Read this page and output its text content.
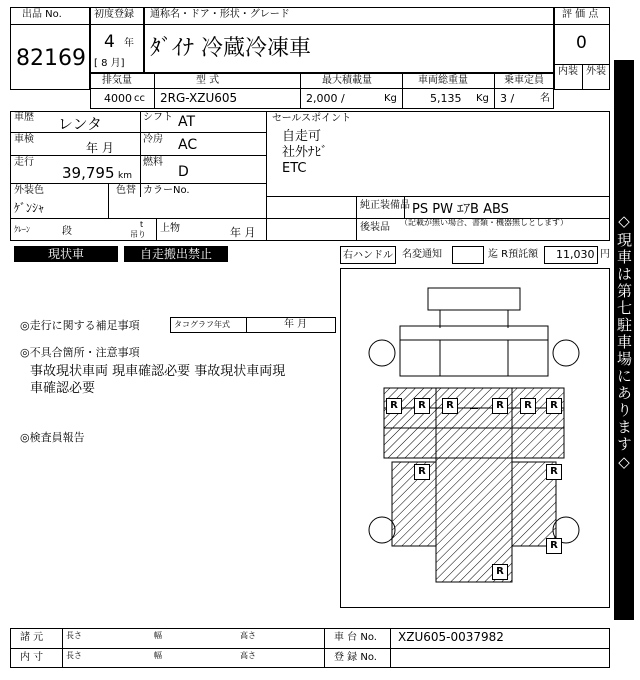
出品 No.
82169
初度登録
4 年
[ 8 月]
通称名・ドア・形状・グレード
ﾀﾞｲﾅ 冷蔵冷凍車
評 価 点
0
内装 外装
排気量
4000 cc
型 式
2RG-XZU605
最大積載量
2,000 /	Kg
車両総重量
5,135 Kg
乗車定員
3 /	名
車歴 レンタ	シフト AT
車検
年 月
冷房 AC
走行
39,795 km
燃料
D
外装色
ｹﾞﾝｼｬ
色替 カラーNo.
ｸﾚｰﾝ	段
t
吊り
上物	年 月
セールスポイント
自走可
社外ﾅﾋﾞ
ETC
純正装備品 PS PW ｴｱB ABS
後装品 （記載が無い場合、書類・機器無しとします）
現状車	自走搬出禁止	右ハンドル 名変通知	迄 R預託額 11,030 円
◎走行に関する補足事項	タコグラフ年式	年 月
◎不具合箇所・注意事項
事故現状車両 現車確認必要 事故現状車両現
車確認必要
◎検査員報告	◇現車は第七駐車場にあります◇
R	R	R	R	R	R
R	R
R
R
諸 元
内 寸
長さ	幅	高さ
長さ	幅	高さ
車 台 No. XZU605-0037982
登 録 No.
